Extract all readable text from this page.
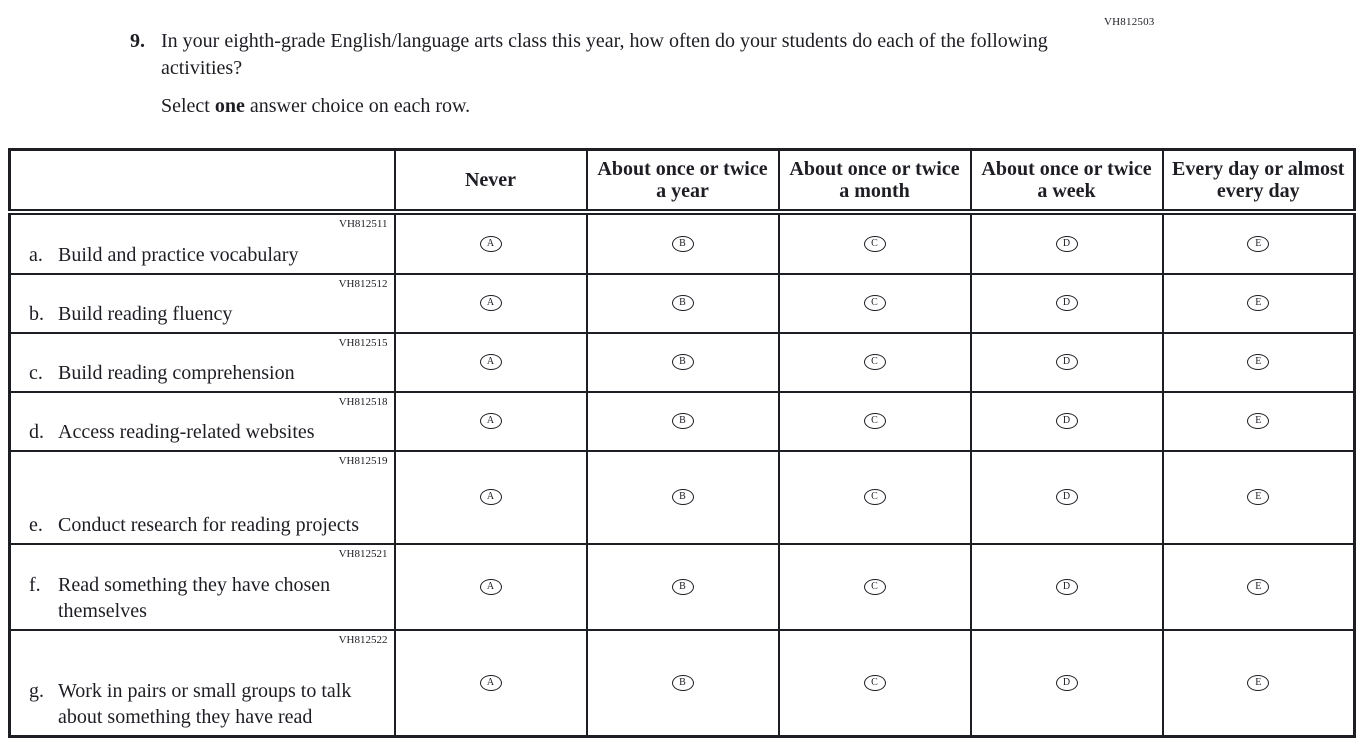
VH812503
9. In your eighth-grade English/language arts class this year, how often do your students do each of the following activities?
Select one answer choice on each row.
	Never	About once or twice a year	About once or twice a month	About once or twice a week	Every day or almost every day

VH812511
a. Build and practice vocabulary	A	B	C	D	E

VH812512
b. Build reading fluency	A	B	C	D	E

VH812515
c. Build reading comprehension	A	B	C	D	E

VH812518
d. Access reading-related websites	A	B	C	D	E

VH812519
e. Conduct research for reading projects	A	B	C	D	E

VH812521
f. Read something they have chosen themselves	A	B	C	D	E

VH812522
g. Work in pairs or small groups to talk about something they have read	A	B	C	D	E
